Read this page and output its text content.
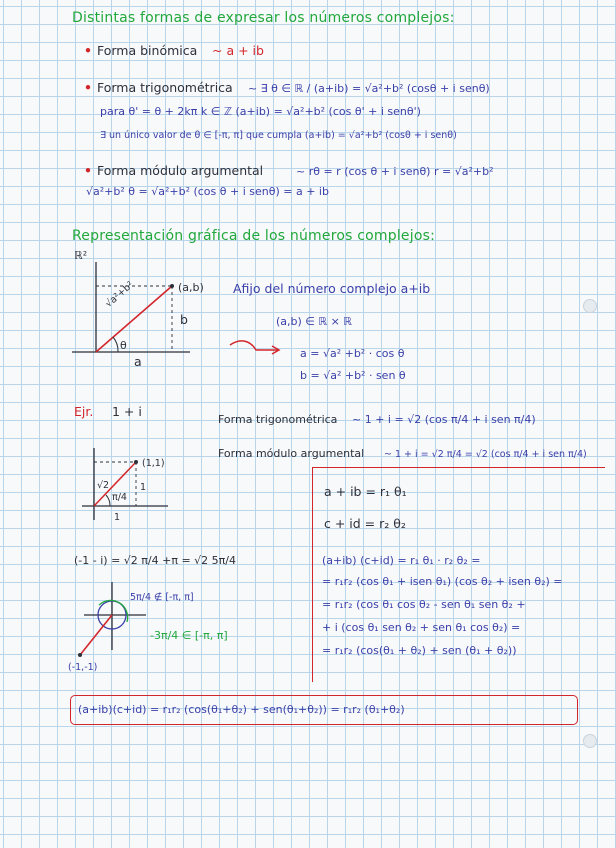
Distintas formas de expresar los números complejos:
• Forma binómica ~ a + ib
• Forma trigonométrica ~ ∃ θ ∈ ℝ / (a+ib) = √a²+b² (cosθ + i senθ)
para θ' = θ + 2kπ k ∈ ℤ (a+ib) = √a²+b² (cos θ' + i senθ')
∃ un único valor de θ ∈ [-π, π] que cumpla (a+ib) = √a²+b² (cosθ + i senθ)
• Forma módulo argumental	~ rθ = r (cos θ + i senθ) r = √a²+b²
√a²+b² θ = √a²+b² (cos θ + i senθ) = a + ib
Representación gráfica de los números complejos:
ℝ²
(a,b)
√a²+b²
b
a
θ
Afijo del número complejo a+ib
(a,b) ∈ ℝ × ℝ
a = √a² +b² · cos θ
b = √a² +b² · sen θ
Ejr. 1 + i
Forma trigonométrica ~ 1 + i = √2 (cos π/4 + i sen π/4)
Forma módulo argumental ~ 1 + i = √2 π/4 = √2 (cos π/4 + i sen π/4)
(1,1)
√2
π/4
1
1
a + ib = r₁ θ₁
c + id = r₂ θ₂
(a+ib) (c+id) = r₁ θ₁ · r₂ θ₂ =
= r₁r₂ (cos θ₁ + isen θ₁) (cos θ₂ + isen θ₂) =
= r₁r₂ (cos θ₁ cos θ₂ - sen θ₁ sen θ₂ +
+ i (cos θ₁ sen θ₂ + sen θ₁ cos θ₂) =
= r₁r₂ (cos(θ₁ + θ₂) + sen (θ₁ + θ₂))
(-1 - i) = √2 π/4 +π = √2 5π/4
5π/4 ∉ [-π, π]
-3π/4 ∈ [-π, π]
(-1,-1)
(a+ib)(c+id) = r₁r₂ (cos(θ₁+θ₂) + sen(θ₁+θ₂)) = r₁r₂ (θ₁+θ₂)
